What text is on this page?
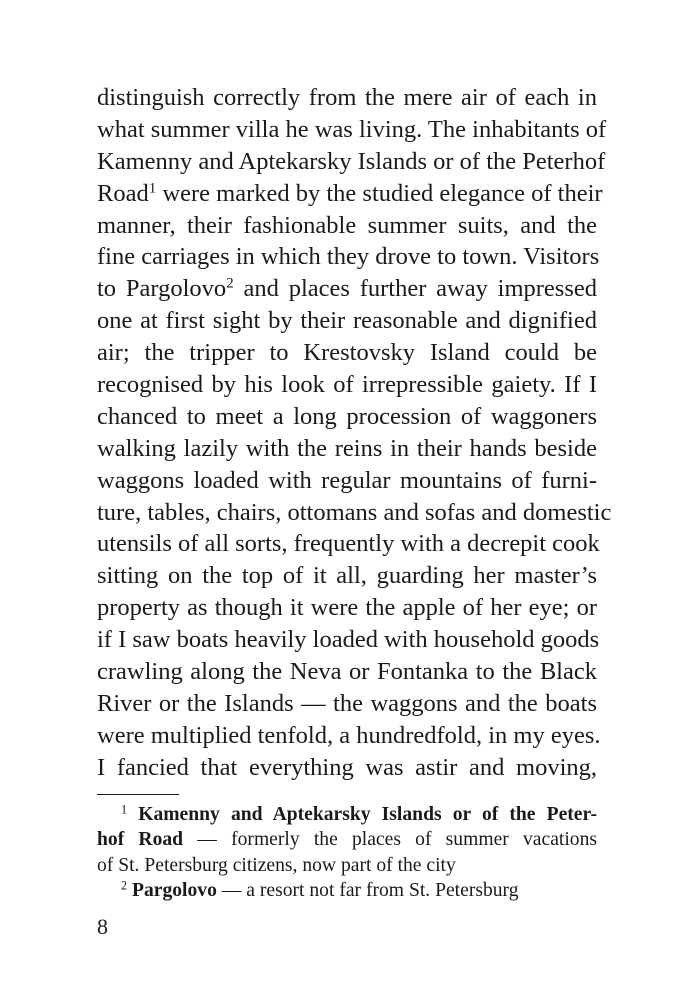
distinguish correctly from the mere air of each in
what summer villa he was living. The inhabitants of
Kamenny and Aptekarsky Islands or of the Peterhof
Road$^1$ were marked by the studied elegance of their
manner, their fashionable summer suits, and the
fine carriages in which they drove to town. Visitors
to Pargolovo$^2$ and places further away impressed
one at first sight by their reasonable and dignified
air; the tripper to Krestovsky Island could be
recognised by his look of irrepressible gaiety. If I
chanced to meet a long procession of waggoners
walking lazily with the reins in their hands beside
waggons loaded with regular mountains of furni-
ture, tables, chairs, ottomans and sofas and domestic
utensils of all sorts, frequently with a decrepit cook
sitting on the top of it all, guarding her master’s
property as though it were the apple of her eye; or
if I saw boats heavily loaded with household goods
crawling along the Neva or Fontanka to the Black
River or the Islands — the waggons and the boats
were multiplied tenfold, a hundredfold, in my eyes.
I fancied that everything was astir and moving,
$^1$ Kamenny and Aptekarsky Islands or of the Peter-
hof Road — formerly the places of summer vacations
of St. Petersburg citizens, now part of the city
$^2$ Pargolovo — a resort not far from St. Petersburg
8
